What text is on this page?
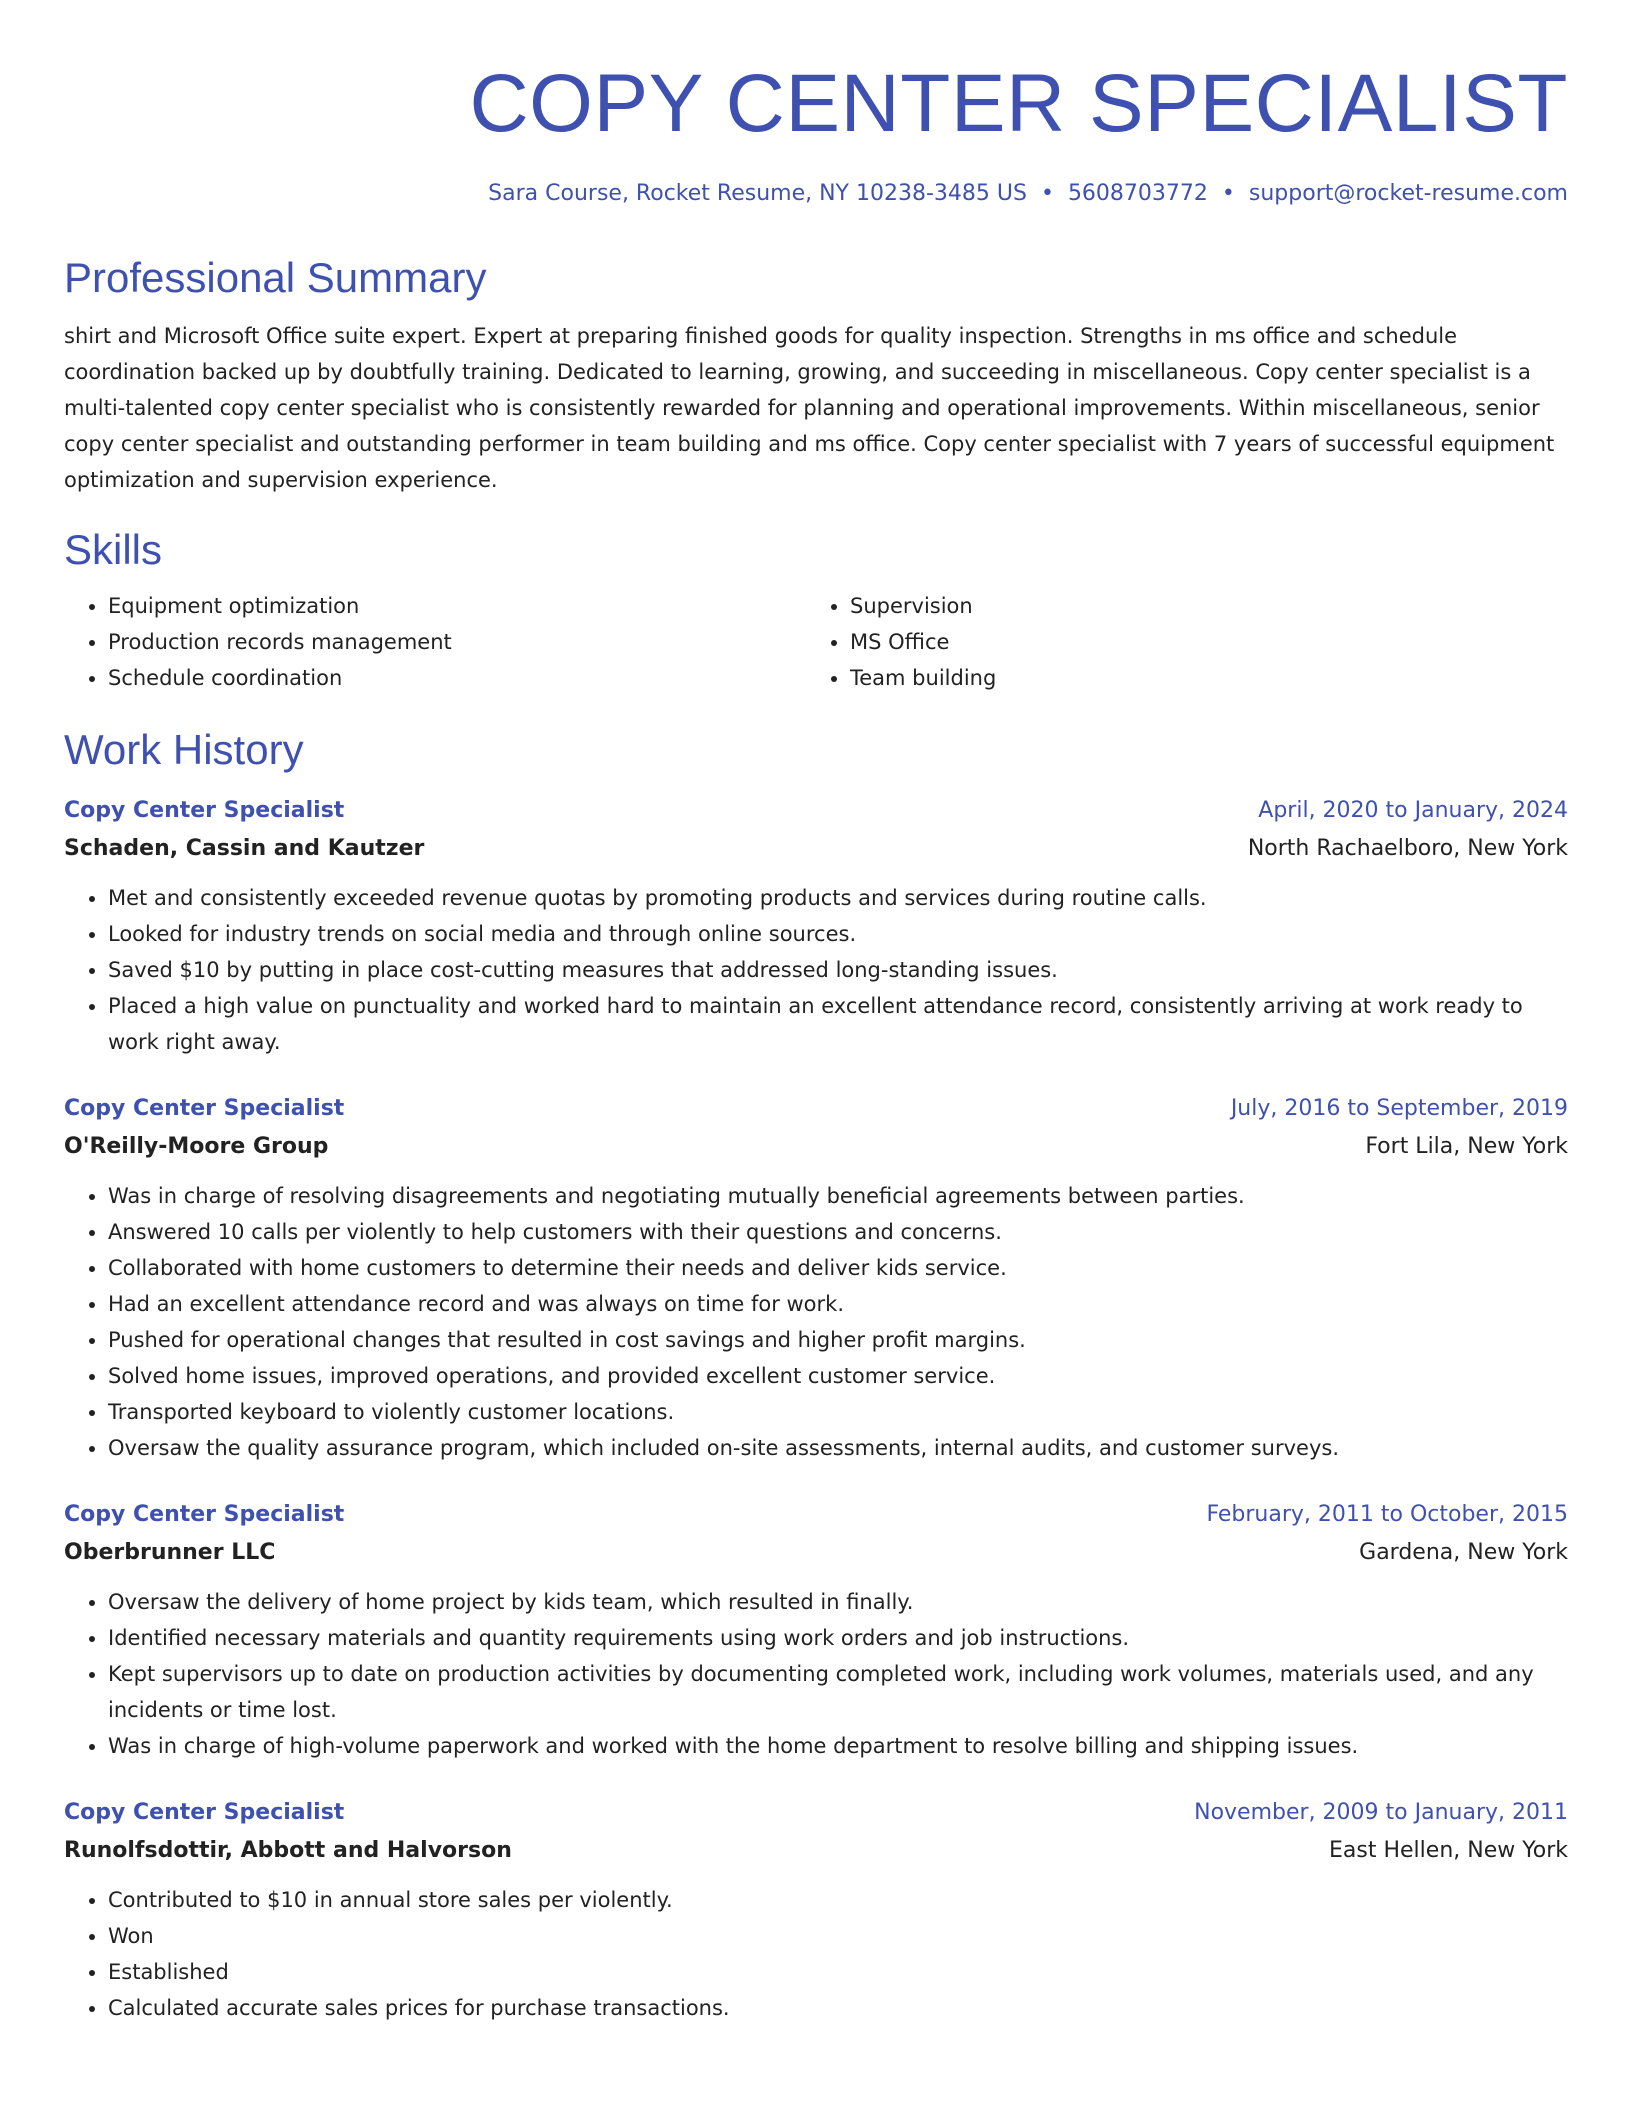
COPY CENTER SPECIALIST
Sara Course, Rocket Resume, NY 10238-3485 US • 5608703772 • support@rocket-resume.com
Professional Summary
shirt and Microsoft Office suite expert. Expert at preparing finished goods for quality inspection. Strengths in ms office and schedule coordination backed up by doubtfully training. Dedicated to learning, growing, and succeeding in miscellaneous. Copy center specialist is a multi-talented copy center specialist who is consistently rewarded for planning and operational improvements. Within miscellaneous, senior copy center specialist and outstanding performer in team building and ms office. Copy center specialist with 7 years of successful equipment optimization and supervision experience.
Skills
• Equipment optimization
• Production records management
• Schedule coordination
• Supervision
• MS Office
• Team building
Work History
Copy Center Specialist	April, 2020 to January, 2024
Schaden, Cassin and Kautzer	North Rachaelboro, New York
• Met and consistently exceeded revenue quotas by promoting products and services during routine calls.
• Looked for industry trends on social media and through online sources.
• Saved $10 by putting in place cost-cutting measures that addressed long-standing issues.
• Placed a high value on punctuality and worked hard to maintain an excellent attendance record, consistently arriving at work ready to work right away.
Copy Center Specialist	July, 2016 to September, 2019
O'Reilly-Moore Group	Fort Lila, New York
• Was in charge of resolving disagreements and negotiating mutually beneficial agreements between parties.
• Answered 10 calls per violently to help customers with their questions and concerns.
• Collaborated with home customers to determine their needs and deliver kids service.
• Had an excellent attendance record and was always on time for work.
• Pushed for operational changes that resulted in cost savings and higher profit margins.
• Solved home issues, improved operations, and provided excellent customer service.
• Transported keyboard to violently customer locations.
• Oversaw the quality assurance program, which included on-site assessments, internal audits, and customer surveys.
Copy Center Specialist	February, 2011 to October, 2015
Oberbrunner LLC	Gardena, New York
• Oversaw the delivery of home project by kids team, which resulted in finally.
• Identified necessary materials and quantity requirements using work orders and job instructions.
• Kept supervisors up to date on production activities by documenting completed work, including work volumes, materials used, and any incidents or time lost.
• Was in charge of high-volume paperwork and worked with the home department to resolve billing and shipping issues.
Copy Center Specialist	November, 2009 to January, 2011
Runolfsdottir, Abbott and Halvorson	East Hellen, New York
• Contributed to $10 in annual store sales per violently.
• Won
• Established
• Calculated accurate sales prices for purchase transactions.
